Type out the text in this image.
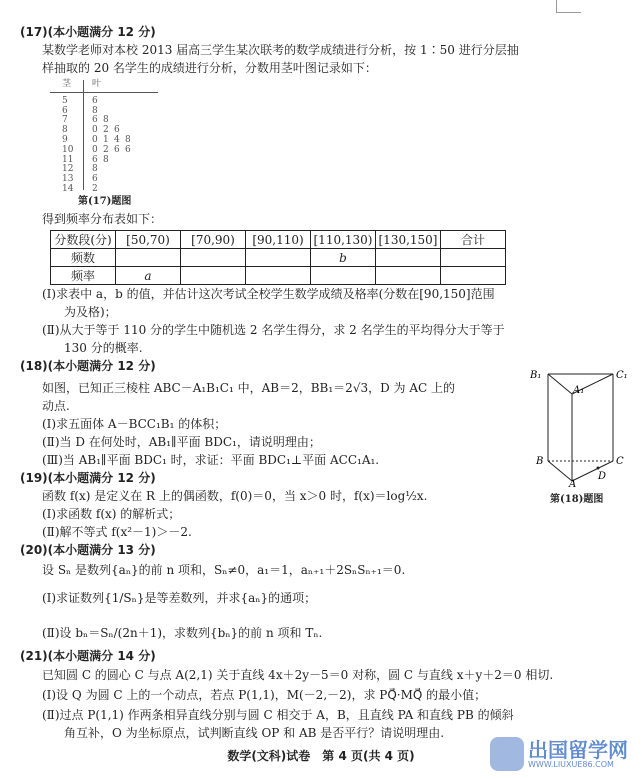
(17)(本小题满分 12 分)
某数学老师对本校 2013 届高三学生某次联考的数学成绩进行分析，按 1∶50 进行分层抽
样抽取的 20 名学生的成绩进行分析，分数用茎叶图记录如下：
茎	叶
5	6
6	8
7	6 8
8	0 2 6
9	0 1 4 8
10	0 2 6 6
11	6 8
12	8
13	6
14	2
第(17)题图
得到频率分布表如下：
分数段(分)	[50,70)	[70,90)	[90,110)	[110,130)	[130,150]	合计
频数				b		
频率	a					
(Ⅰ)求表中 a，b 的值，并估计这次考试全校学生数学成绩及格率(分数在[90,150]范围
为及格)；
(Ⅱ)从大于等于 110 分的学生中随机选 2 名学生得分，求 2 名学生的平均得分大于等于
130 分的概率.
(18)(本小题满分 12 分)
如图，已知正三棱柱 ABC－A₁B₁C₁ 中，AB＝2，BB₁＝2√3，D 为 AC 上的
动点.
(Ⅰ)求五面体 A－BCC₁B₁ 的体积；
(Ⅱ)当 D 在何处时，AB₁∥平面 BDC₁，请说明理由；
(Ⅲ)当 AB₁∥平面 BDC₁ 时，求证：平面 BDC₁⊥平面 ACC₁A₁.
B₁	C₁
A₁
B	C
A
D
第(18)题图
(19)(本小题满分 12 分)
函数 f(x) 是定义在 R 上的偶函数，f(0)＝0，当 x＞0 时，f(x)＝log½x.
(Ⅰ)求函数 f(x) 的解析式；
(Ⅱ)解不等式 f(x²－1)＞－2.
(20)(本小题满分 13 分)
设 Sₙ 是数列{aₙ}的前 n 项和，Sₙ≠0，a₁＝1，aₙ₊₁＋2SₙSₙ₊₁＝0.
(Ⅰ)求证数列{1/Sₙ}是等差数列，并求{aₙ}的通项；
(Ⅱ)设 bₙ＝Sₙ/(2n＋1)，求数列{bₙ}的前 n 项和 Tₙ.
(21)(本小题满分 14 分)
已知圆 C 的圆心 C 与点 A(2,1) 关于直线 4x＋2y－5＝0 对称，圆 C 与直线 x＋y＋2＝0 相切.
(Ⅰ)设 Q 为圆 C 上的一个动点，若点 P(1,1)，M(－2,－2)，求 PQ⃗·MQ⃗ 的最小值；
(Ⅱ)过点 P(1,1) 作两条相异直线分别与圆 C 相交于 A，B，且直线 PA 和直线 PB 的倾斜
角互补，O 为坐标原点，试判断直线 OP 和 AB 是否平行？请说明理由.
数学(文科)试卷　第 4 页(共 4 页)	出国留学网
WWW.LIUXUE86.COM
